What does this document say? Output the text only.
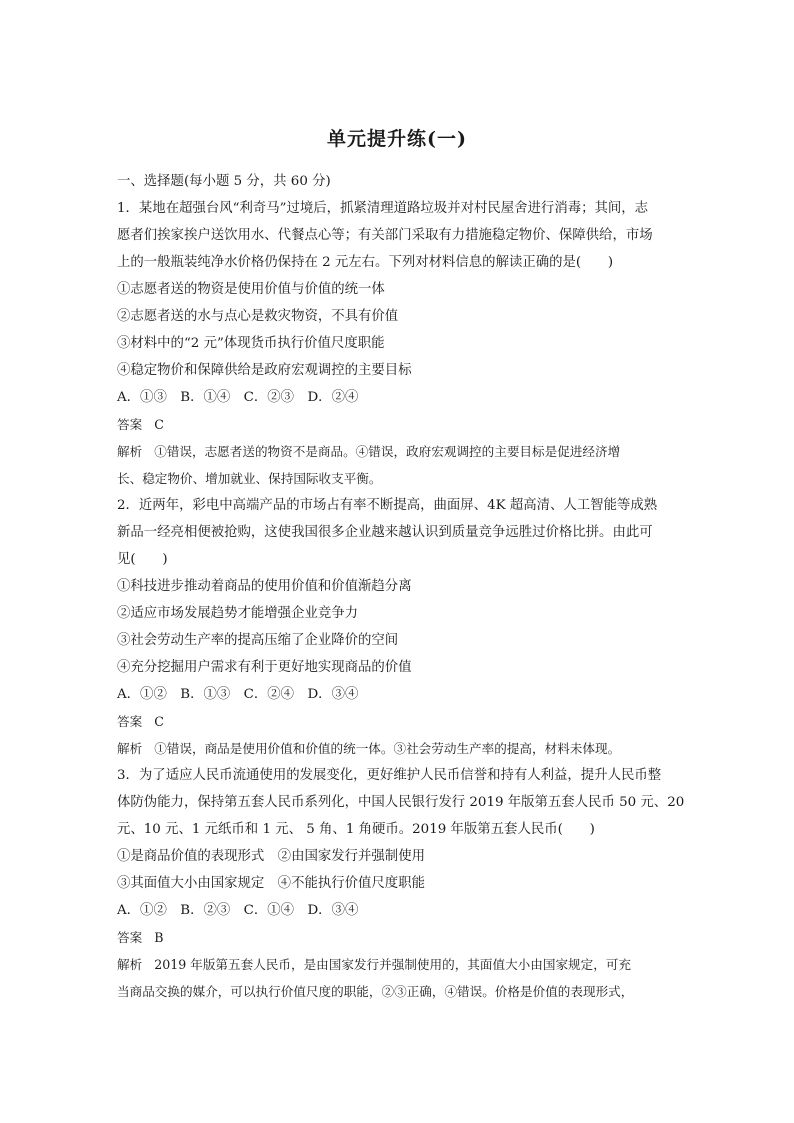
单元提升练(一)
一、选择题(每小题 5 分，共 60 分)
1．某地在超强台风“利奇马”过境后，抓紧清理道路垃圾并对村民屋舍进行消毒；其间，志
愿者们挨家挨户送饮用水、代餐点心等；有关部门采取有力措施稳定物价、保障供给，市场
上的一般瓶装纯净水价格仍保持在 2 元左右。下列对材料信息的解读正确的是(　　)
①志愿者送的物资是使用价值与价值的统一体
②志愿者送的水与点心是救灾物资，不具有价值
③材料中的“2 元”体现货币执行价值尺度职能
④稳定物价和保障供给是政府宏观调控的主要目标
A．①③　B．①④　C．②③　D．②④
答案 C
解析 ①错误，志愿者送的物资不是商品。④错误，政府宏观调控的主要目标是促进经济增
长、稳定物价、增加就业、保持国际收支平衡。
2．近两年，彩电中高端产品的市场占有率不断提高，曲面屏、4K 超高清、人工智能等成熟
新品一经亮相便被抢购，这使我国很多企业越来越认识到质量竞争远胜过价格比拼。由此可
见(　　)
①科技进步推动着商品的使用价值和价值渐趋分离
②适应市场发展趋势才能增强企业竞争力
③社会劳动生产率的提高压缩了企业降价的空间
④充分挖掘用户需求有利于更好地实现商品的价值
A．①②　B．①③　C．②④　D．③④
答案 C
解析 ①错误，商品是使用价值和价值的统一体。③社会劳动生产率的提高，材料未体现。
3．为了适应人民币流通使用的发展变化，更好维护人民币信誉和持有人利益，提升人民币整
体防伪能力，保持第五套人民币系列化，中国人民银行发行 2019 年版第五套人民币 50 元、20
元、10 元、1 元纸币和 1 元、 5 角、1 角硬币。2019 年版第五套人民币(　　)
①是商品价值的表现形式　②由国家发行并强制使用
③其面值大小由国家规定　④不能执行价值尺度职能
A．①②　B．②③　C．①④　D．③④
答案 B
解析 2019 年版第五套人民币，是由国家发行并强制使用的，其面值大小由国家规定，可充
当商品交换的媒介，可以执行价值尺度的职能，②③正确，④错误。价格是价值的表现形式，
